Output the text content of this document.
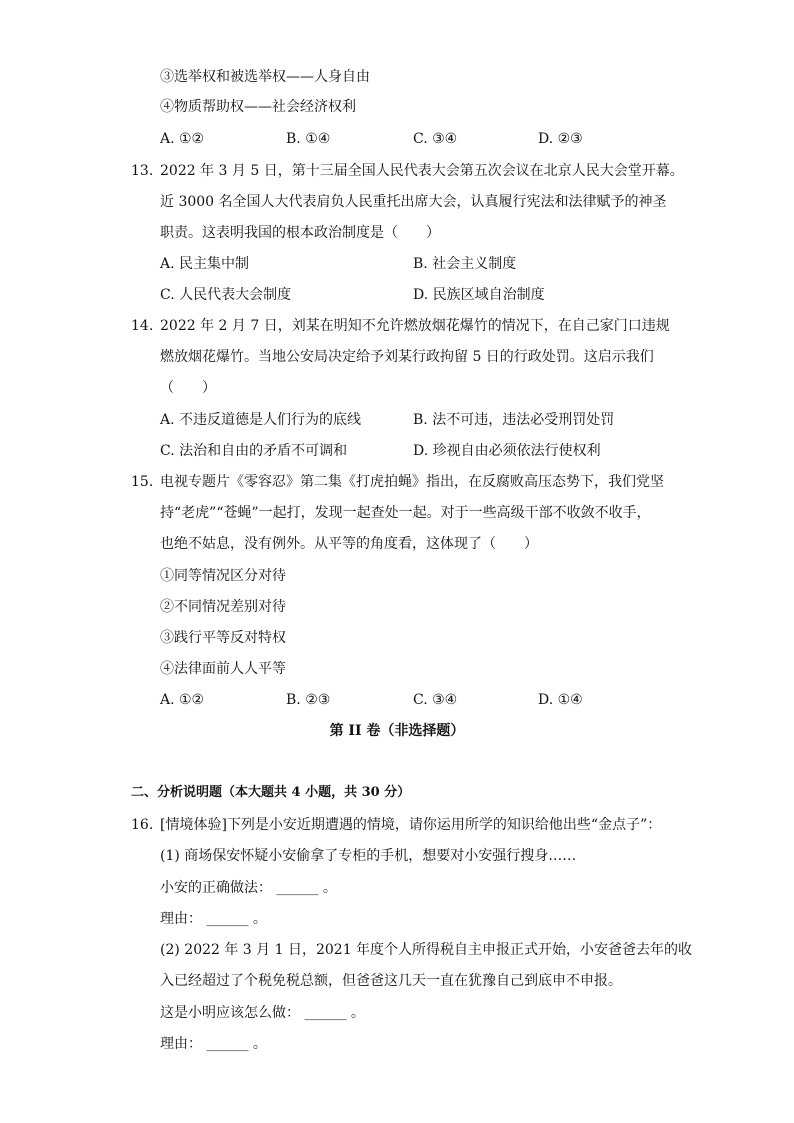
③选举权和被选举权——人身自由
④物质帮助权——社会经济权利
A. ①②	B. ①④	C. ③④	D. ②③
13. 2022 年 3 月 5 日，第十三届全国人民代表大会第五次会议在北京人民大会堂开幕。
近 3000 名全国人大代表肩负人民重托出席大会，认真履行宪法和法律赋予的神圣
职责。这表明我国的根本政治制度是（　　）
A. 民主集中制	B. 社会主义制度
C. 人民代表大会制度	D. 民族区域自治制度
14. 2022 年 2 月 7 日，刘某在明知不允许燃放烟花爆竹的情况下，在自己家门口违规
燃放烟花爆竹。当地公安局决定给予刘某行政拘留 5 日的行政处罚。这启示我们
（　　）
A. 不违反道德是人们行为的底线	B. 法不可违，违法必受刑罚处罚
C. 法治和自由的矛盾不可调和	D. 珍视自由必须依法行使权利
15. 电视专题片《零容忍》第二集《打虎拍蝇》指出，在反腐败高压态势下，我们党坚
持“老虎”“苍蝇”一起打，发现一起查处一起。对于一些高级干部不收敛不收手，
也绝不姑息，没有例外。从平等的角度看，这体现了（　　）
①同等情况区分对待
②不同情况差别对待
③践行平等反对特权
④法律面前人人平等
A. ①②	B. ②③	C. ③④	D. ①④
第 II 卷（非选择题）
二、分析说明题（本大题共 4 小题，共 30 分）
16. [情境体验]下列是小安近期遭遇的情境，请你运用所学的知识给他出些“金点子”：
(1) 商场保安怀疑小安偷拿了专柜的手机，想要对小安强行搜身……
小安的正确做法： ______ 。
理由： ______ 。
(2) 2022 年 3 月 1 日，2021 年度个人所得税自主申报正式开始，小安爸爸去年的收
入已经超过了个税免税总额，但爸爸这几天一直在犹豫自己到底申不申报。
这是小明应该怎么做： ______ 。
理由： ______ 。
